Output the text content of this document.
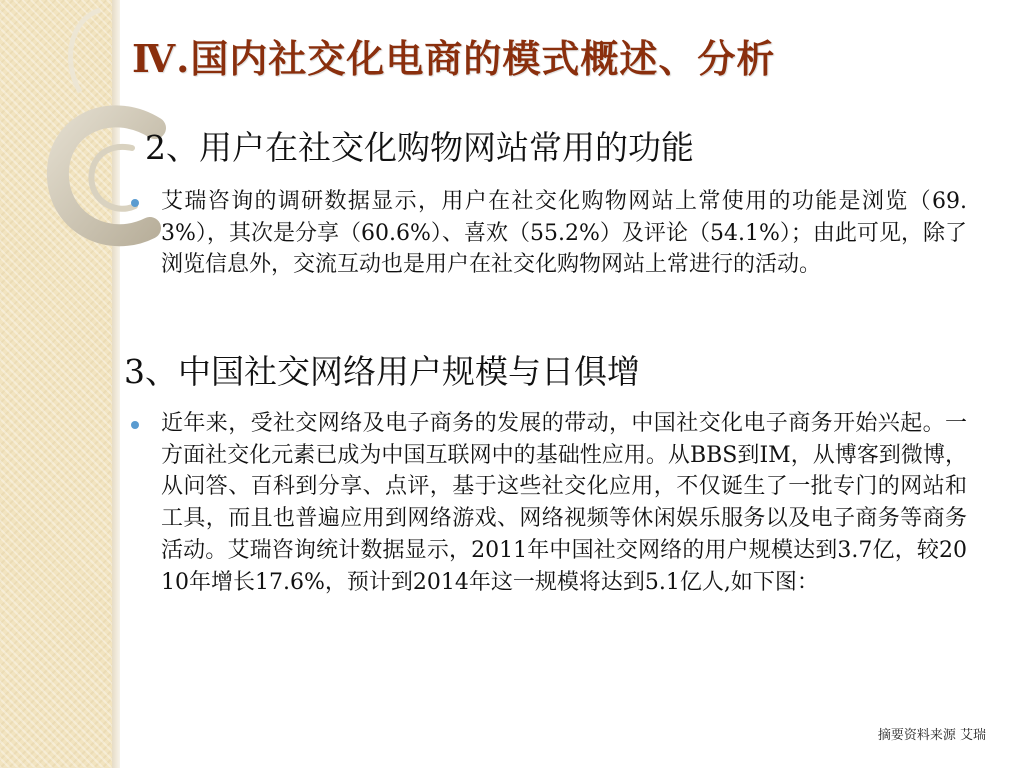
Ⅳ.国内社交化电商的模式概述、分析
2、用户在社交化购物网站常用的功能

艾瑞咨询的调研数据显示，用户在社交化购物网站上常使用的功能是浏览（69.3%），其次是分享（60.6%）、喜欢（55.2%）及评论（54.1%）；由此可见，除了浏览信息外，交流互动也是用户在社交化购物网站上常进行的活动。

3、中国社交网络用户规模与日俱增

近年来，受社交网络及电子商务的发展的带动，中国社交化电子商务开始兴起。一方面社交化元素已成为中国互联网中的基础性应用。从BBS到IM，从博客到微博，从问答、百科到分享、点评，基于这些社交化应用，不仅诞生了一批专门的网站和工具，而且也普遍应用到网络游戏、网络视频等休闲娱乐服务以及电子商务等商务活动。艾瑞咨询统计数据显示，2011年中国社交网络的用户规模达到3.7亿，较2010年增长17.6%，预计到2014年这一规模将达到5.1亿人,如下图：

摘要资料来源 艾瑞
